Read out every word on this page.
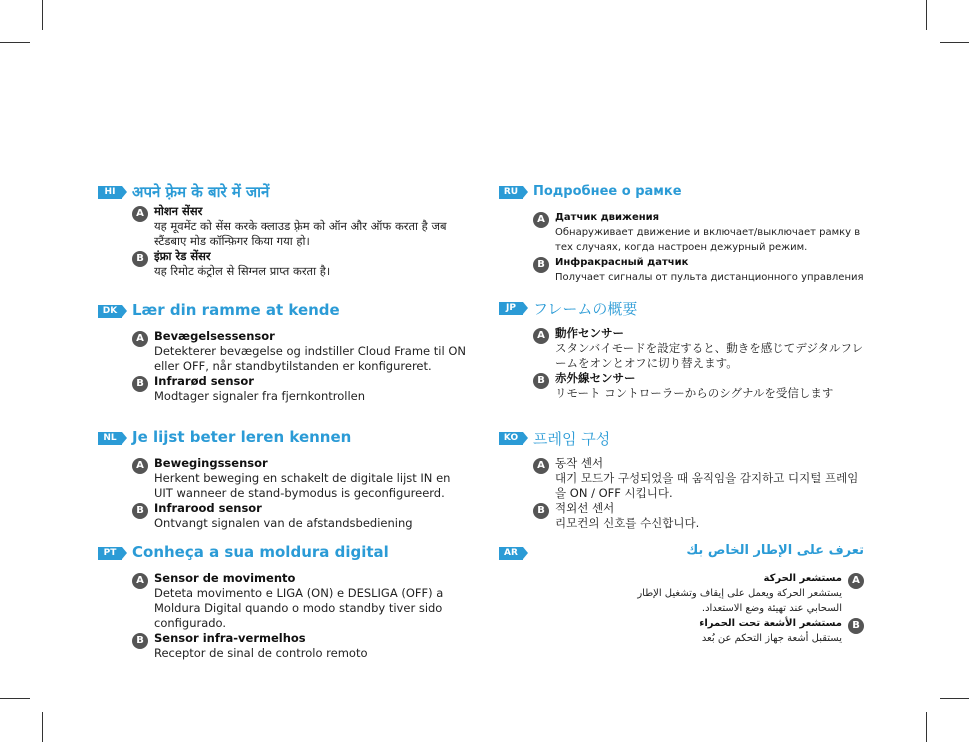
HI	अपने फ़्रेम के बारे में जानें
A मोशन सेंसर
यह मूवमेंट को सेंस करके क्लाउड फ़्रेम को ऑन और ऑफ करता है जब स्टैंडबाए मोड कॉन्फ़िगर किया गया हो।
B इंफ्रा रेड सेंसर
यह रिमोट कंट्रोल से सिग्नल प्राप्त करता है।
DK Lær din ramme at kende
A Bevægelsessensor
Detekterer bevægelse og indstiller Cloud Frame til ON eller OFF, når standbytilstanden er konfigureret.
B Infrarød sensor
Modtager signaler fra fjernkontrollen
NL	Je lijst beter leren kennen
A Bewegingssensor
Herkent beweging en schakelt de digitale lijst IN en UIT wanneer de stand-bymodus is geconfigureerd.
B Infrarood sensor
Ontvangt signalen van de afstandsbediening
PT	Conheça a sua moldura digital
A Sensor de movimento
Deteta movimento e LIGA (ON) e DESLIGA (OFF) a Moldura Digital quando o modo standby tiver sido configurado.
B Sensor infra-vermelhos
Receptor de sinal de controlo remoto
RU	Подробнее о рамке
A	Датчик движения
Обнаруживает движение и включает/выключает рамку в тех случаях, когда настроен дежурный режим.
B	Инфракрасный датчик
Получает сигналы от пульта дистанционного управления
JP	フレームの概要
A 動作センサー
スタンバイモードを設定すると、動きを感じてデジタルフレームをオンとオフに切り替えます。
B 赤外線センサー
リモート コントローラーからのシグナルを受信します
KO 프레임 구성
A 동작 센서
대기 모드가 구성되었을 때 움직임을 감지하고 디지털 프레임을 ON / OFF 시킵니다.
B 적외선 센서
리모컨의 신호를 수신합니다.
AR	تعرف على الإطار الخاص بك
A
مستشعر الحركة
يستشعر الحركة ويعمل على إيقاف وتشغيل الإطار السحابي عند تهيئة وضع الاستعداد.
B
مستشعر الأشعة تحت الحمراء
يستقبل أشعة جهاز التحكم عن بُعد
